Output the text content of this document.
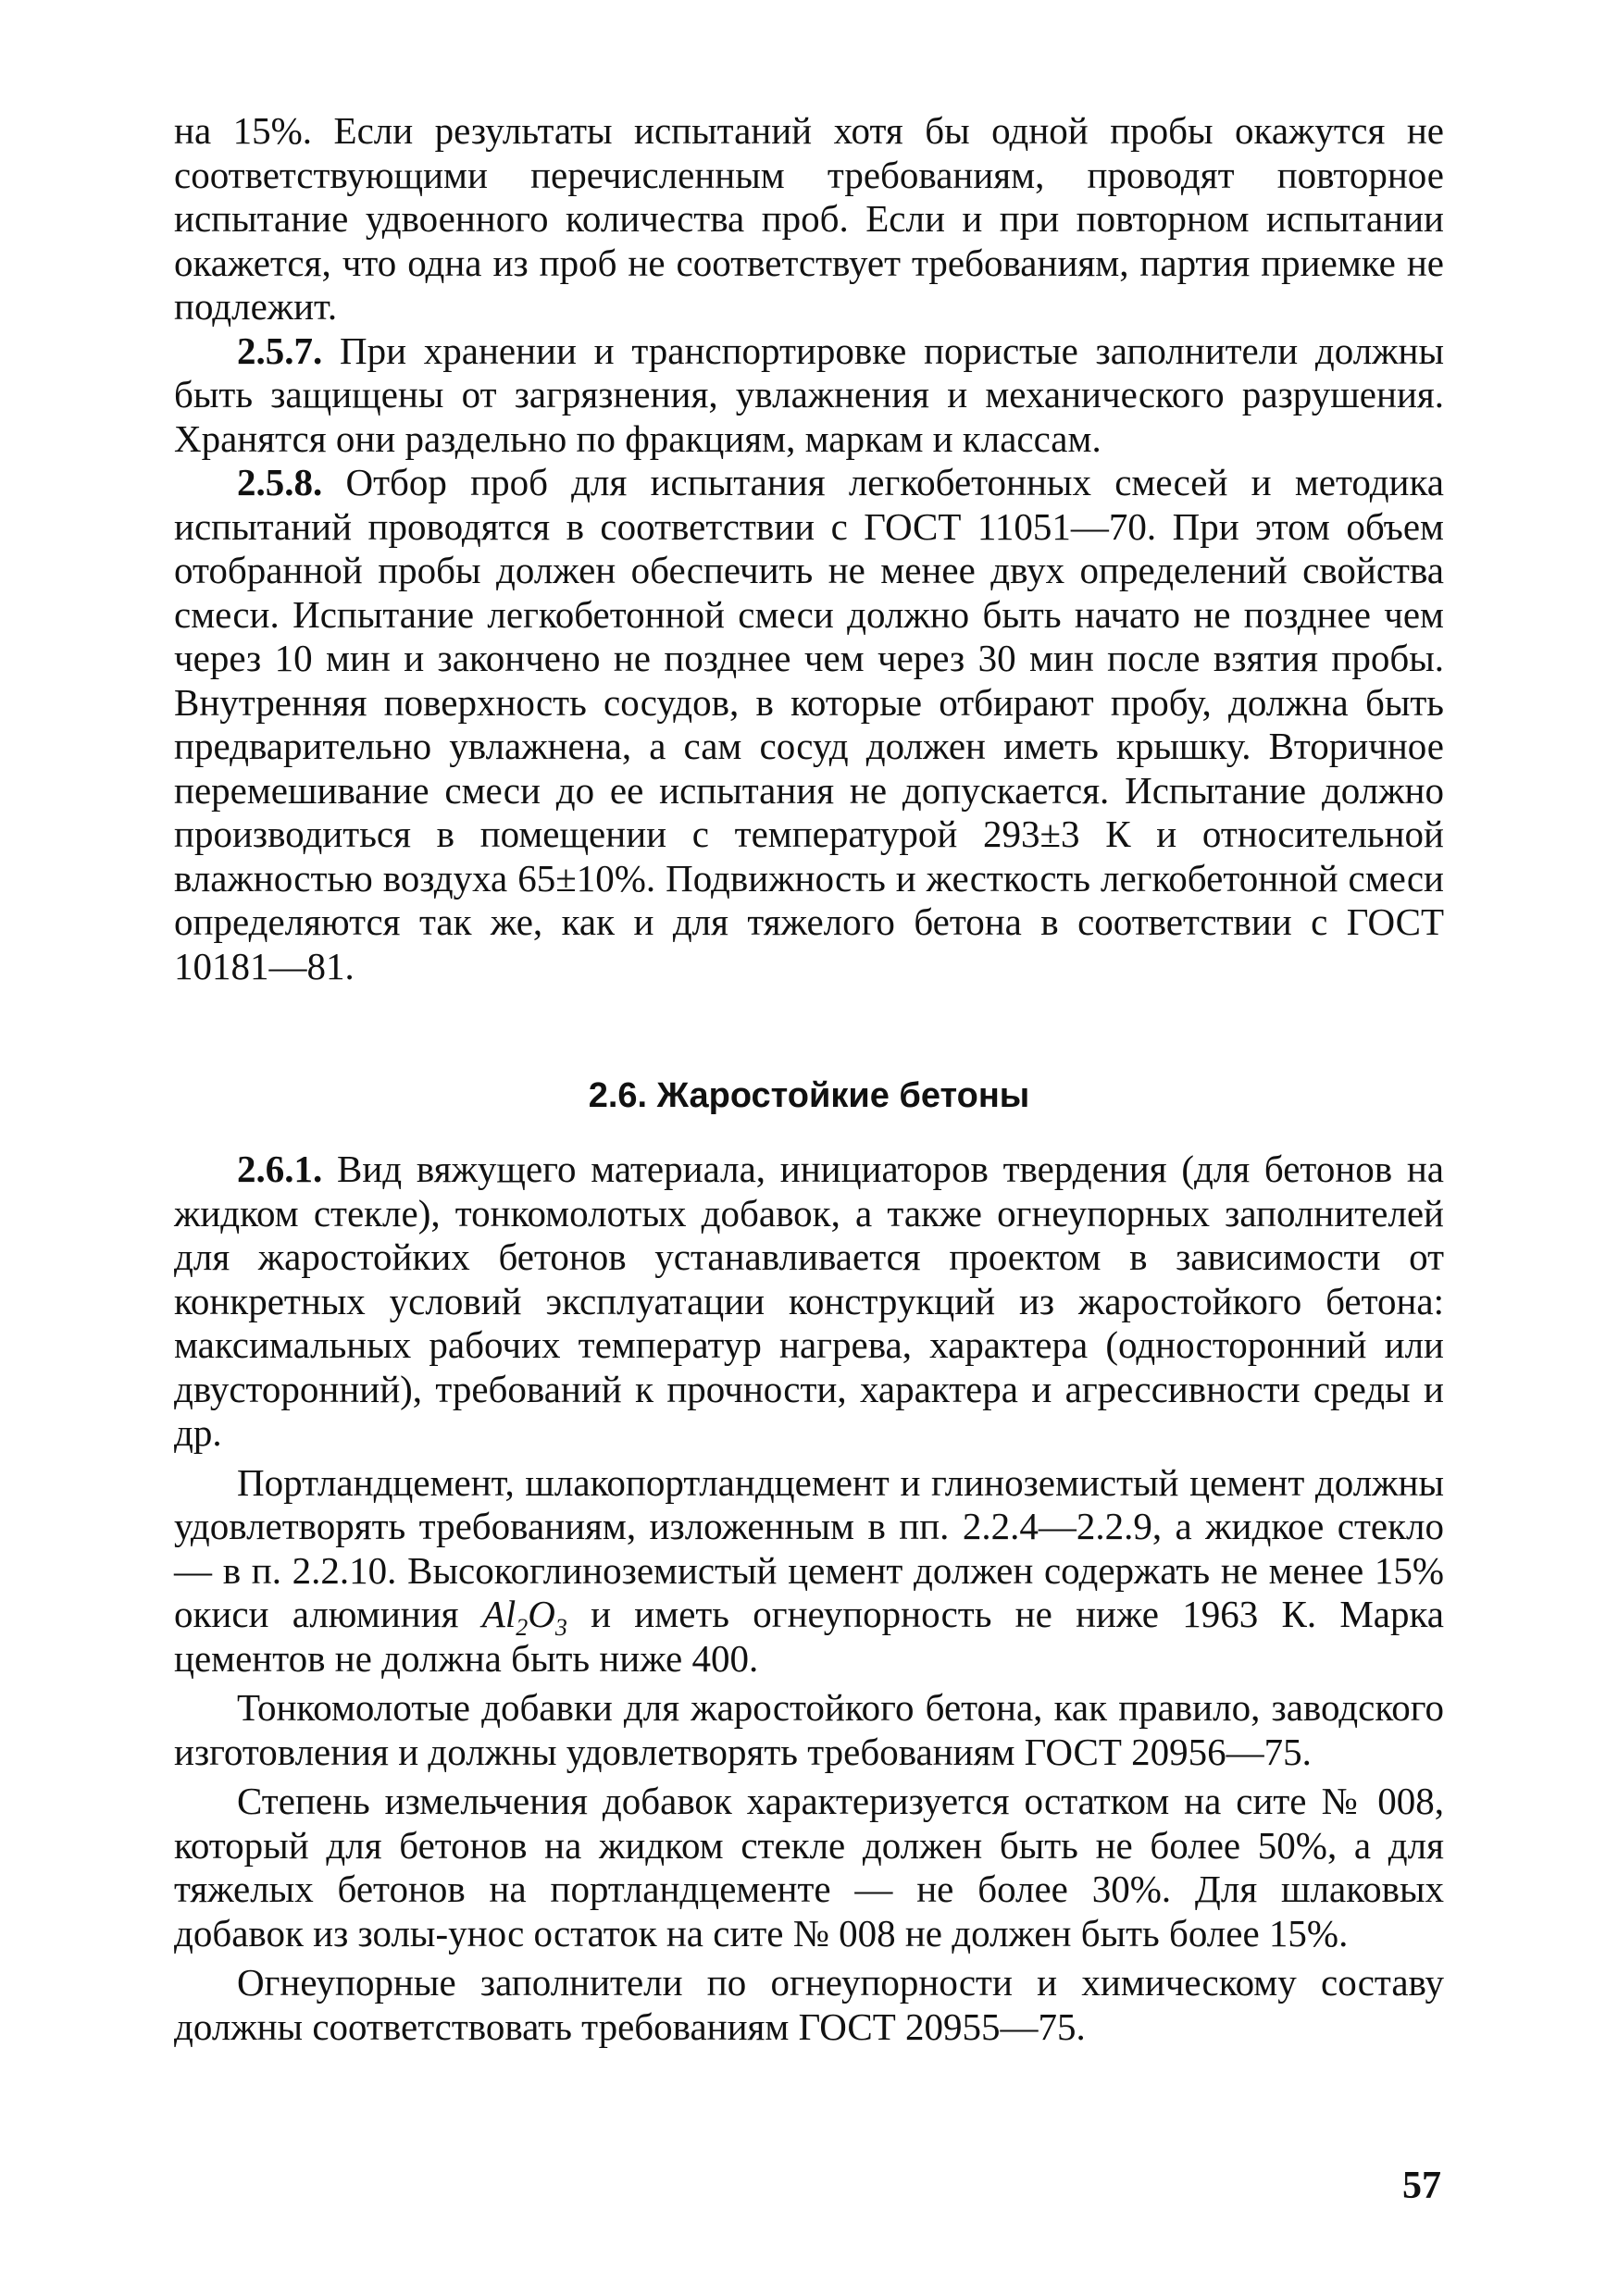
на 15%. Если результаты испытаний хотя бы одной пробы окажутся не соответствующими перечисленным требованиям, проводят повторное испытание удвоенного количества проб. Если и при повторном испытании окажется, что одна из проб не соответствует требованиям, партия приемке не подлежит.

2.5.7. При хранении и транспортировке пористые заполнители должны быть защищены от загрязнения, увлажнения и механического разрушения. Хранятся они раздельно по фракциям, маркам и классам.

2.5.8. Отбор проб для испытания легкобетонных смесей и методика испытаний проводятся в соответствии с ГОСТ 11051—70. При этом объем отобранной пробы должен обеспечить не менее двух определений свойства смеси. Испытание легкобетонной смеси должно быть начато не позднее чем через 10 мин и закончено не позднее чем через 30 мин после взятия пробы. Внутренняя поверхность сосудов, в которые отбирают пробу, должна быть предварительно увлажнена, а сам сосуд должен иметь крышку. Вторичное перемешивание смеси до ее испытания не допускается. Испытание должно производиться в помещении с температурой 293±3 К и относительной влажностью воздуха 65±10%. Подвижность и жесткость легкобетонной смеси определяются так же, как и для тяжелого бетона в соответствии с ГОСТ 10181—81.

2.6. Жаростойкие бетоны

2.6.1. Вид вяжущего материала, инициаторов твердения (для бетонов на жидком стекле), тонкомолотых добавок, а также огнеупорных заполнителей для жаростойких бетонов устанавливается проектом в зависимости от конкретных условий эксплуатации конструкций из жаростойкого бетона: максимальных рабочих температур нагрева, характера (односторонний или двусторонний), требований к прочности, характера и агрессивности среды и др.

Портландцемент, шлакопортландцемент и глиноземистый цемент должны удовлетворять требованиям, изложенным в пп. 2.2.4—2.2.9, а жидкое стекло — в п. 2.2.10. Высокоглиноземистый цемент должен содержать не менее 15% окиси алюминия $Al_2O_3$ и иметь огнеупорность не ниже 1963 К. Марка цементов не должна быть ниже 400.

Тонкомолотые добавки для жаростойкого бетона, как правило, заводского изготовления и должны удовлетворять требованиям ГОСТ 20956—75.

Степень измельчения добавок характеризуется остатком на сите № 008, который для бетонов на жидком стекле должен быть не более 50%, а для тяжелых бетонов на портландцементе — не более 30%. Для шлаковых добавок из золы-унос остаток на сите № 008 не должен быть более 15%.

Огнеупорные заполнители по огнеупорности и химическому составу должны соответствовать требованиям ГОСТ 20955—75.

57
